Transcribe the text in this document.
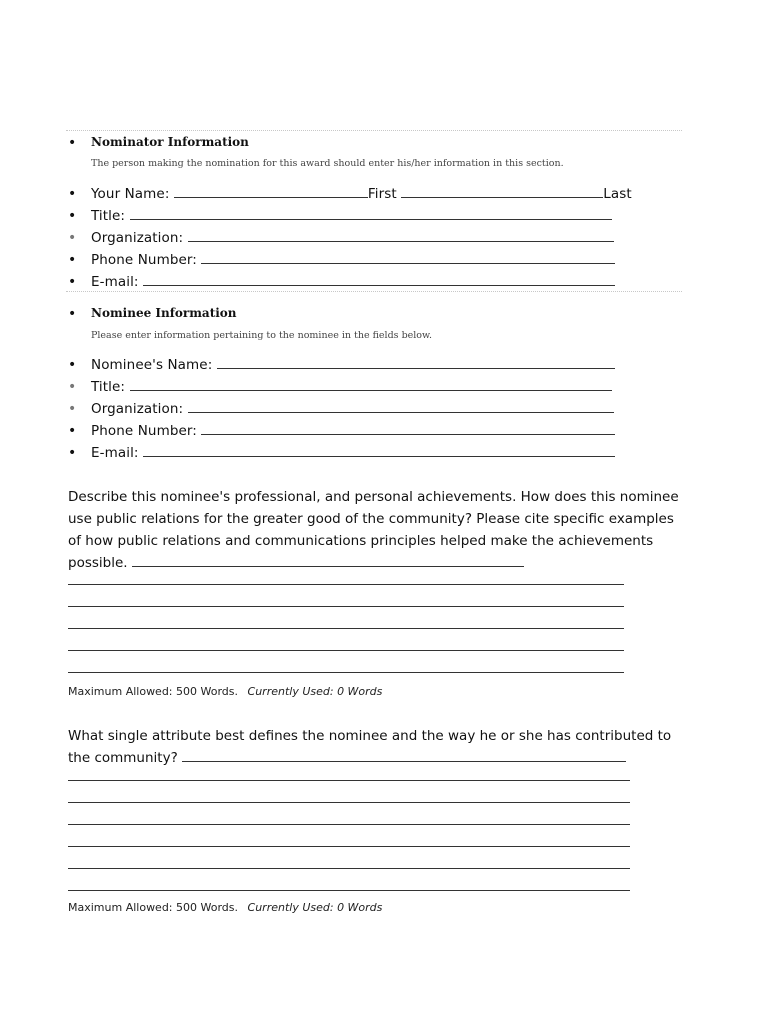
• Nominator Information
The person making the nomination for this award should enter his/her information in this section.
• Your Name:	First	Last
• Title:
• Organization:
• Phone Number:
• E-mail:
• Nominee Information
Please enter information pertaining to the nominee in the fields below.
• Nominee's Name:
• Title:
• Organization:
• Phone Number:
• E-mail:
Describe this nominee's professional, and personal achievements. How does this nominee use public relations for the greater good of the community? Please cite specific examples of how public relations and communications principles helped make the achievements possible.
Maximum Allowed: 500 Words. Currently Used: 0 Words
What single attribute best defines the nominee and the way he or she has contributed to the community?
Maximum Allowed: 500 Words. Currently Used: 0 Words
